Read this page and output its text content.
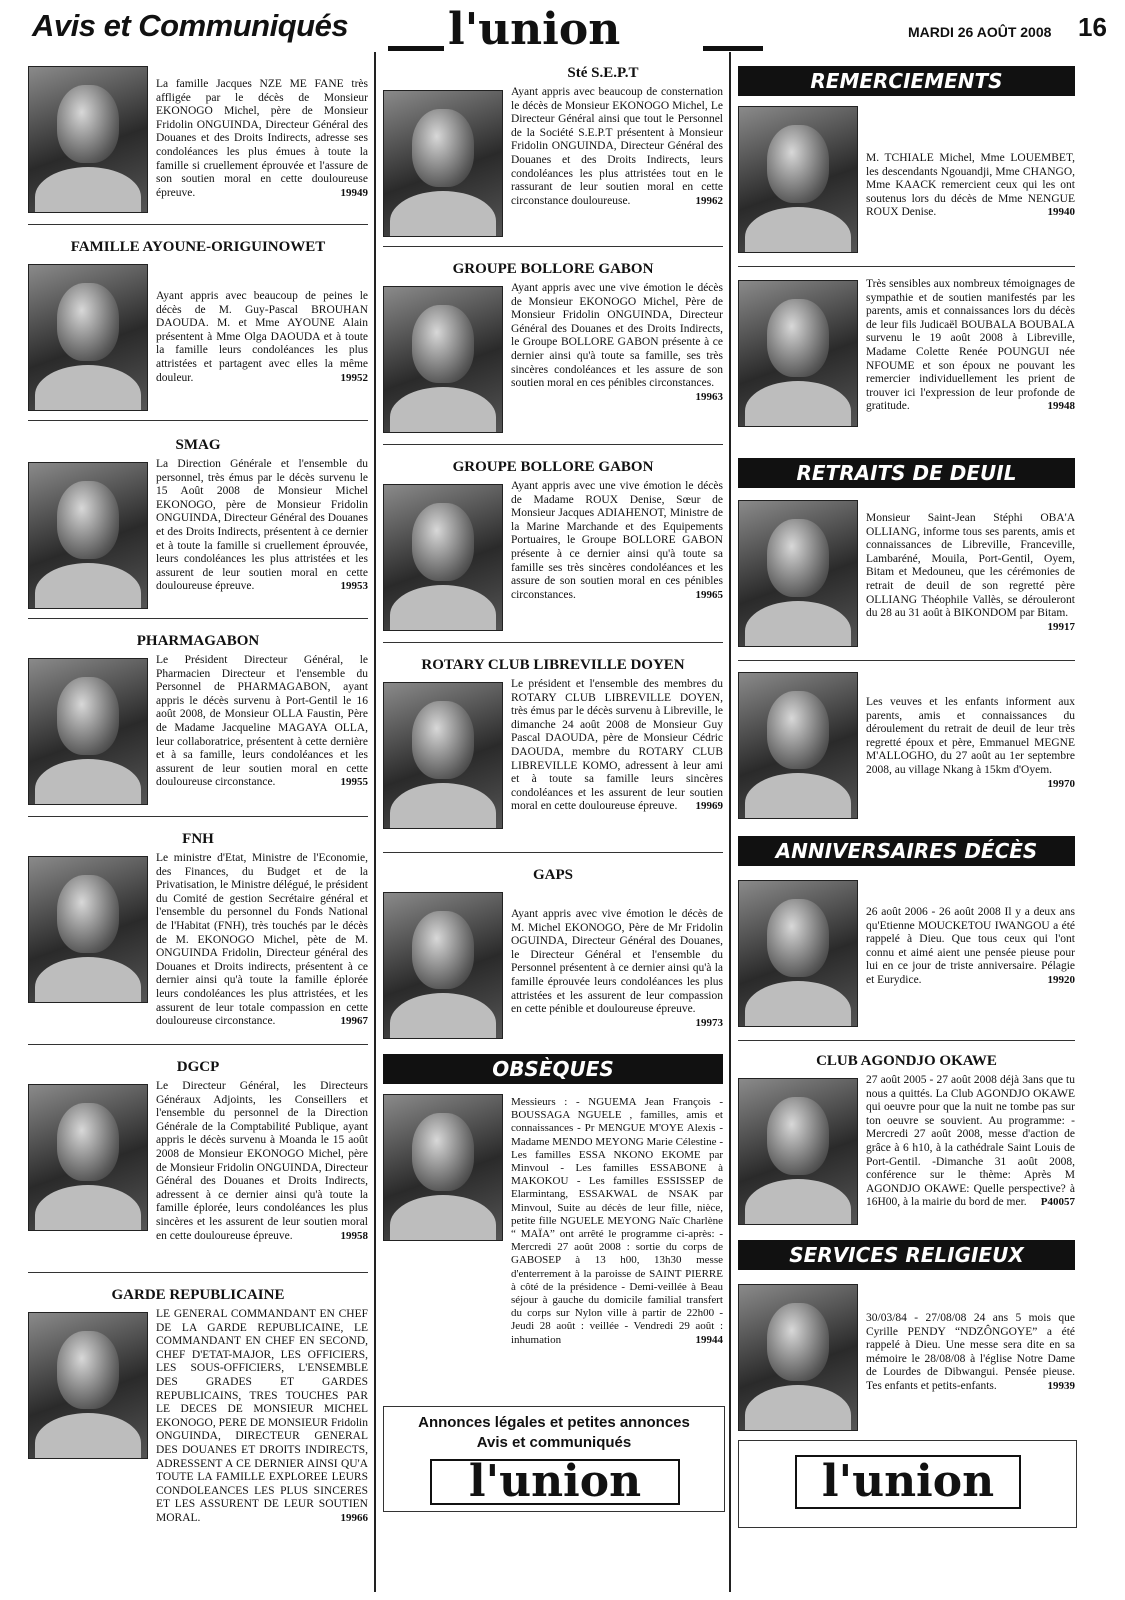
Avis et Communiqués l'union	MARDI 26 AOÛT 2008 16
La famille Jacques NZE ME FANE très affligée par le décès de Monsieur EKONOGO Michel, père de Monsieur Fridolin ONGUINDA, Directeur Général des Douanes et des Droits Indirects, adresse ses condoléances les plus émues à toute la famille si cruellement éprouvée et l'assure de son soutien moral en cette douloureuse épreuve.	19949
FAMILLE AYOUNE-ORIGUINOWET
Ayant appris avec beaucoup de peines le décès de M. Guy-Pascal BROUHAN DAOUDA. M. et Mme AYOUNE Alain présentent à Mme Olga DAOUDA et à toute la famille leurs condoléances les plus attristées et partagent avec elles la même douleur.	19952
SMAG
La Direction Générale et l'ensemble du personnel, très émus par le décès survenu le 15 Août 2008 de Monsieur Michel EKONOGO, père de Monsieur Fridolin ONGUINDA, Directeur Général des Douanes et des Droits Indirects, présentent à ce dernier et à toute la famille si cruellement éprouvée, leurs condoléances les plus attristées et les assurent de leur soutien moral en cette douloureuse épreuve.	19953
PHARMAGABON
Le Président Directeur Général, le Pharmacien Directeur et l'ensemble du Personnel de PHARMAGABON, ayant appris le décès survenu à Port-Gentil le 16 août 2008, de Monsieur OLLA Faustin, Père de Madame Jacqueline MAGAYA OLLA, leur collaboratrice, présentent à cette dernière et à sa famille, leurs condoléances et les assurent de leur soutien moral en cette douloureuse circonstance.	19955
FNH
Le ministre d'Etat, Ministre de l'Economie, des Finances, du Budget et de la Privatisation, le Ministre délégué, le président du Comité de gestion Secrétaire général et l'ensemble du personnel du Fonds National de l'Habitat (FNH), très touchés par le décès de M. EKONOGO Michel, pète de M. ONGUINDA Fridolin, Directeur général des Douanes et Droits indirects, présentent à ce dernier ainsi qu'à toute la famille éplorée leurs condoléances les plus attristées, et les assurent de leur totale compassion en cette douloureuse circonstance.	19967
DGCP
Le Directeur Général, les Directeurs Généraux Adjoints, les Conseillers et l'ensemble du personnel de la Direction Générale de la Comptabilité Publique, ayant appris le décès survenu à Moanda le 15 août 2008 de Monsieur EKONOGO Michel, père de Monsieur Fridolin ONGUINDA, Directeur Général des Douanes et Droits Indirects, adressent à ce dernier ainsi qu'à toute la famille éplorée, leurs condoléances les plus sincères et les assurent de leur soutien moral en cette douloureuse épreuve.	19958
GARDE REPUBLICAINE
LE GENERAL COMMANDANT EN CHEF DE LA GARDE REPUBLICAINE, LE COMMANDANT EN CHEF EN SECOND, CHEF D'ETAT-MAJOR, LES OFFICIERS, LES SOUS-OFFICIERS, L'ENSEMBLE DES GRADES ET GARDES REPUBLICAINS, TRES TOUCHES PAR LE DECES DE MONSIEUR MICHEL EKONOGO, PERE DE MONSIEUR Fridolin ONGUINDA, DIRECTEUR GENERAL DES DOUANES ET DROITS INDIRECTS, ADRESSENT A CE DERNIER AINSI QU'A TOUTE LA FAMILLE EXPLOREE LEURS CONDOLEANCES LES PLUS SINCERES ET LES ASSURENT DE LEUR SOUTIEN MORAL.	19966
Sté S.E.P.T
Ayant appris avec beaucoup de consternation le décès de Monsieur EKONOGO Michel, Le Directeur Général ainsi que tout le Personnel de la Société S.E.P.T présentent à Monsieur Fridolin ONGUINDA, Directeur Général des Douanes et des Droits Indirects, leurs condoléances les plus attristées tout en le rassurant de leur soutien moral en cette circonstance douloureuse.	19962
GROUPE BOLLORE GABON
Ayant appris avec une vive émotion le décès de Monsieur EKONOGO Michel, Père de Monsieur Fridolin ONGUINDA, Directeur Général des Douanes et des Droits Indirects, le Groupe BOLLORE GABON présente à ce dernier ainsi qu'à toute sa famille, ses très sincères condoléances et les assure de son soutien moral en ces pénibles circonstances.
19963
GROUPE BOLLORE GABON
Ayant appris avec une vive émotion le décès de Madame ROUX Denise, Sœur de Monsieur Jacques ADIAHENOT, Ministre de la Marine Marchande et des Equipements Portuaires, le Groupe BOLLORE GABON présente à ce dernier ainsi qu'à toute sa famille ses très sincères condoléances et les assure de son soutien moral en ces pénibles circonstances.	19965
ROTARY CLUB LIBREVILLE DOYEN
Le président et l'ensemble des membres du ROTARY CLUB LIBREVILLE DOYEN, très émus par le décès survenu à Libreville, le dimanche 24 août 2008 de Monsieur Guy Pascal DAOUDA, père de Monsieur Cédric DAOUDA, membre du ROTARY CLUB LIBREVILLE KOMO, adressent à leur ami et à toute sa famille leurs sincères condoléances et les assurent de leur soutien moral en cette douloureuse épreuve. 19969
GAPS
Ayant appris avec vive émotion le décès de M. Michel EKONOGO, Père de Mr Fridolin OGUINDA, Directeur Général des Douanes, le Directeur Général et l'ensemble du Personnel présentent à ce dernier ainsi qu'à la famille éprouvée leurs condoléances les plus attristées et les assurent de leur compassion en cette pénible et douloureuse épreuve.
19973
OBSÈQUES
Messieurs : - NGUEMA Jean François - BOUSSAGA NGUELE , familles, amis et connaissances - Pr MENGUE M'OYE Alexis - Madame MENDO MEYONG Marie Célestine - Les familles ESSA NKONO EKOME par Minvoul - Les familles ESSABONE à MAKOKOU - Les familles ESSISSEP de Elarmintang, ESSAKWAL de NSAK par Minvoul, Suite au décès de leur fille, nièce, petite fille NGUELE MEYONG Naïc Charlène “ MAÏA” ont arrêté le programme ci-après: - Mercredi 27 août 2008 : sortie du corps de GABOSEP à 13 h00, 13h30 messe d'enterrement à la paroisse de SAINT PIERRE à côté de la présidence - Demi-veillée à Beau séjour à gauche du domicile familial transfert du corps sur Nylon ville à partir de 22h00 - Jeudi 28 août : veillée - Vendredi 29 août : inhumation	19944
Annonces légales et petites annonces
Avis et communiqués
l'union
REMERCIEMENTS
M. TCHIALE Michel, Mme LOUEMBET, les descendants Ngouandji, Mme CHANGO, Mme KAACK remercient ceux qui les ont soutenus lors du décès de Mme NENGUE ROUX Denise.	19940
Très sensibles aux nombreux témoignages de sympathie et de soutien manifestés par les parents, amis et connaissances lors du décès de leur fils Judicaël BOUBALA BOUBALA survenu le 19 août 2008 à Libreville, Madame Colette Renée POUNGUI née NFOUME et son époux ne pouvant les remercier individuellement les prient de trouver ici l'expression de leur profonde de gratitude.	19948
RETRAITS DE DEUIL
Monsieur Saint-Jean Stéphi OBA'A OLLIANG, informe tous ses parents, amis et connaissances de Libreville, Franceville, Lambaréné, Mouila, Port-Gentil, Oyem, Bitam et Medouneu, que les cérémonies de retrait de deuil de son regretté père OLLIANG Théophile Vallès, se dérouleront du 28 au 31 août à BIKONDOM par Bitam.
19917
Les veuves et les enfants informent aux parents, amis et connaissances du déroulement du retrait de deuil de leur très regretté époux et père, Emmanuel MEGNE M'ALLOGHO, du 27 août au 1er septembre 2008, au village Nkang à 15km d'Oyem.
19970
ANNIVERSAIRES DÉCÈS
26 août 2006 - 26 août 2008 Il y a deux ans qu'Etienne MOUCKETOU IWANGOU a été rappelé à Dieu. Que tous ceux qui l'ont connu et aimé aient une pensée pieuse pour lui en ce jour de triste anniversaire. Pélagie et Eurydice.	19920
CLUB AGONDJO OKAWE
27 août 2005 - 27 août 2008 déjà 3ans que tu nous a quittés. La Club AGONDJO OKAWE qui oeuvre pour que la nuit ne tombe pas sur ton oeuvre se souvient. Au programme: - Mercredi 27 août 2008, messe d'action de grâce à 6 h10, à la cathédrale Saint Louis de Port-Gentil. -Dimanche 31 août 2008, conférence sur le thème: Après M AGONDJO OKAWE: Quelle perspective? à 16H00, à la mairie du bord de mer. P40057
SERVICES RELIGIEUX
30/03/84 - 27/08/08 24 ans 5 mois que Cyrille PENDY “NDZÔNGOYE” a été rappelé à Dieu. Une messe sera dite en sa mémoire le 28/08/08 à l'église Notre Dame de Lourdes de Dibwangui. Pensée pieuse. Tes enfants et petits-enfants.	19939
l'union
